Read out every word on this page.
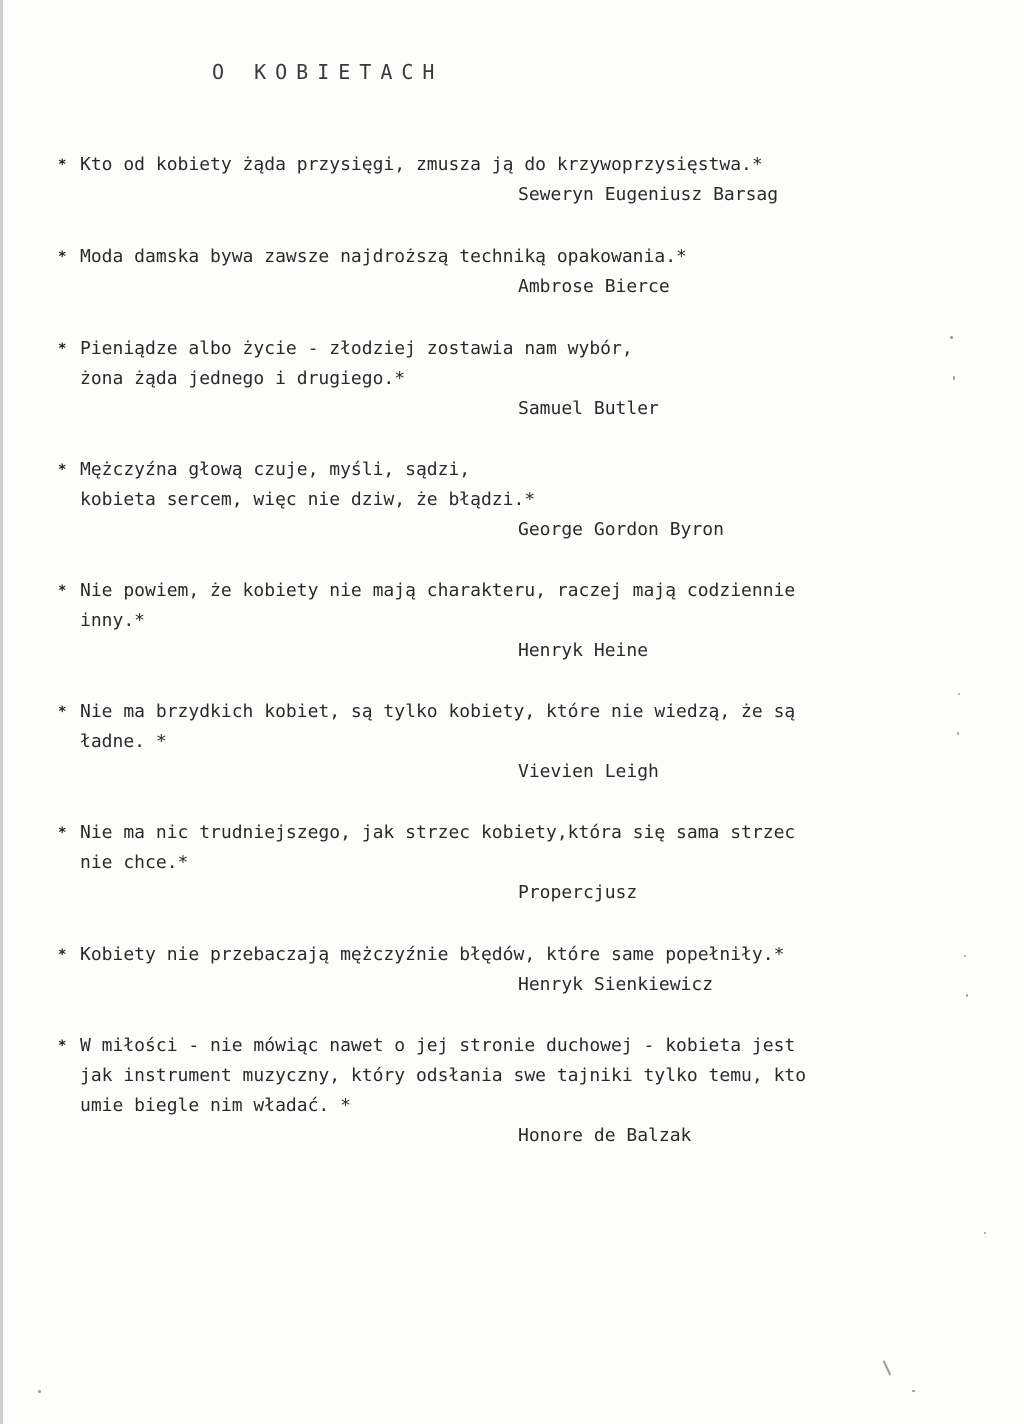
O KOBIETACH
* Kto od kobiety żąda przysięgi, zmusza ją do krzywoprzysięstwa.*
Seweryn Eugeniusz Barsag
* Moda damska bywa zawsze najdroższą techniką opakowania.*
Ambrose Bierce
* Pieniądze albo życie - złodziej zostawia nam wybór,
żona żąda jednego i drugiego.*
Samuel Butler
* Mężczyźna głową czuje, myśli, sądzi,
kobieta sercem, więc nie dziw, że błądzi.*
George Gordon Byron
* Nie powiem, że kobiety nie mają charakteru, raczej mają codziennie
inny.*
Henryk Heine
* Nie ma brzydkich kobiet, są tylko kobiety, które nie wiedzą, że są
ładne. *
Vievien Leigh
* Nie ma nic trudniejszego, jak strzec kobiety,która się sama strzec
nie chce.*
Propercjusz
* Kobiety nie przebaczają mężczyźnie błędów, które same popełniły.*
Henryk Sienkiewicz
* W miłości - nie mówiąc nawet o jej stronie duchowej - kobieta jest
jak instrument muzyczny, który odsłania swe tajniki tylko temu, kto
umie biegle nim władać. *
Honore de Balzak
